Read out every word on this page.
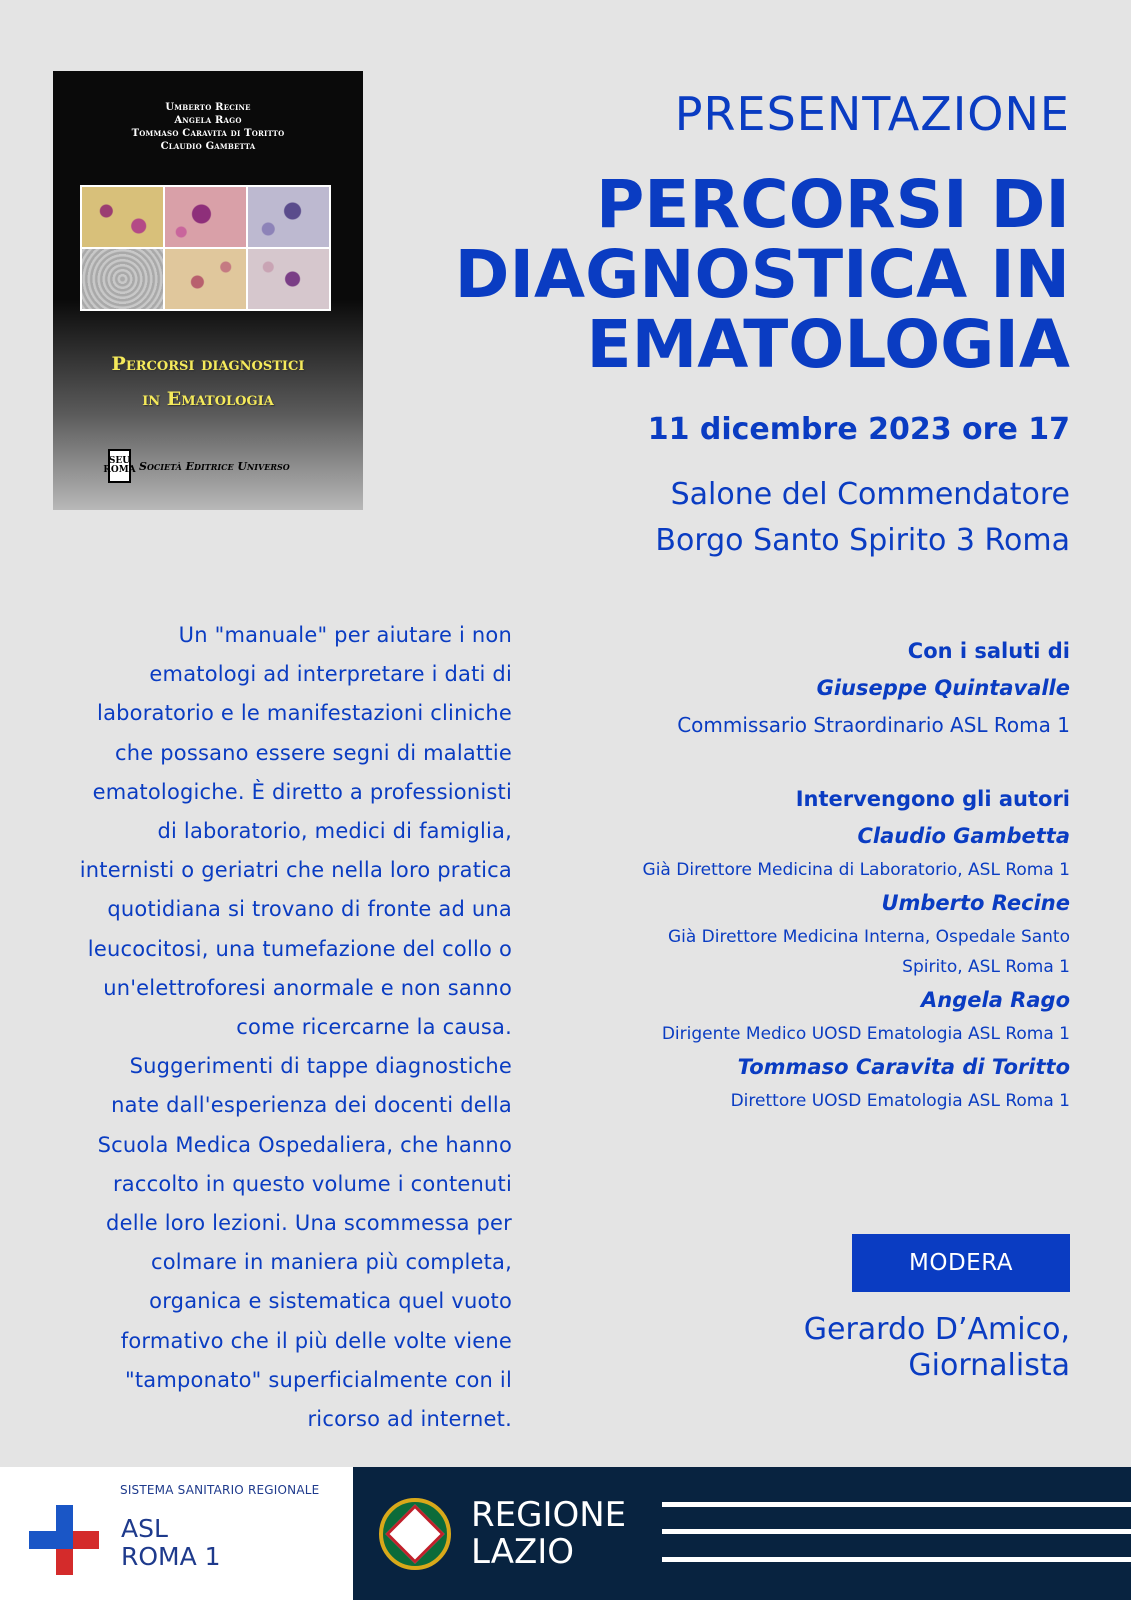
Umberto Recine
Angela Rago
Tommaso Caravita di Toritto
Claudio Gambetta
Percorsi diagnostici
in Ematologia
SEU ROMA Società Editrice Universo
PRESENTAZIONE
PERCORSI DI
DIAGNOSTICA IN
EMATOLOGIA
11 dicembre 2023 ore 17
Salone del Commendatore
Borgo Santo Spirito 3 Roma
Un "manuale" per aiutare i non
ematologi ad interpretare i dati di
laboratorio e le manifestazioni cliniche
che possano essere segni di malattie
ematologiche. È diretto a professionisti
di laboratorio, medici di famiglia,
internisti o geriatri che nella loro pratica
quotidiana si trovano di fronte ad una
leucocitosi, una tumefazione del collo o
un'elettroforesi anormale e non sanno
come ricercarne la causa.
Suggerimenti di tappe diagnostiche
nate dall'esperienza dei docenti della
Scuola Medica Ospedaliera, che hanno
raccolto in questo volume i contenuti
delle loro lezioni. Una scommessa per
colmare in maniera più completa,
organica e sistematica quel vuoto
formativo che il più delle volte viene
"tamponato" superficialmente con il
ricorso ad internet.
Con i saluti di
Giuseppe Quintavalle
Commissario Straordinario ASL Roma 1
Intervengono gli autori
Claudio Gambetta
Già Direttore Medicina di Laboratorio, ASL Roma 1
Umberto Recine
Già Direttore Medicina Interna, Ospedale Santo
Spirito, ASL Roma 1
Angela Rago
Dirigente Medico UOSD Ematologia ASL Roma 1
Tommaso Caravita di Toritto
Direttore UOSD Ematologia ASL Roma 1
MODERA
Gerardo D’Amico,
Giornalista
SISTEMA SANITARIO REGIONALE
ASL
ROMA 1
REGIONE
LAZIO
